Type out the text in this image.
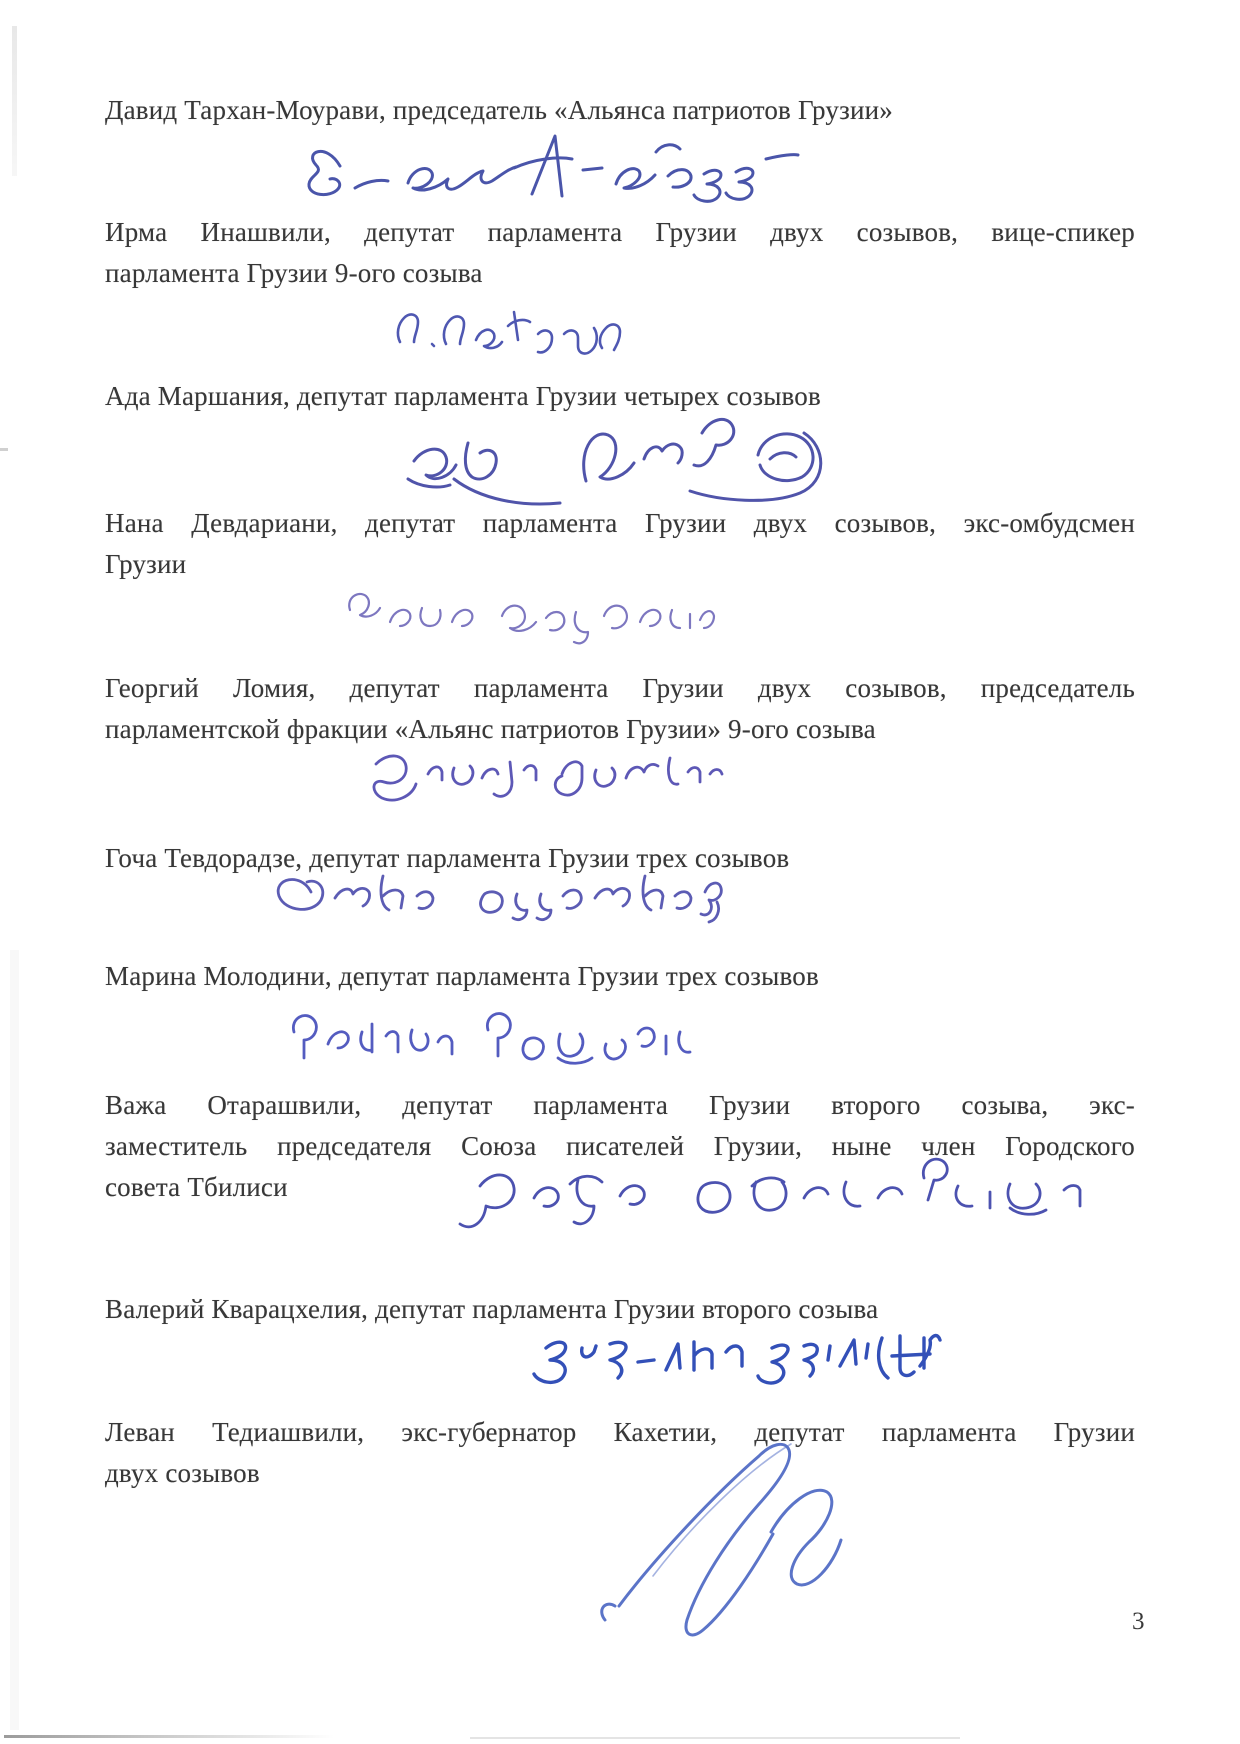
Давид Тархан-Моурави, председатель «Альянса патриотов Грузии»

Ирма Инашвили, депутат парламента Грузии двух созывов, вице-спикер

парламента Грузии 9-ого созыва

Ада Маршания, депутат парламента Грузии четырех созывов

Нана Девдариани, депутат парламента Грузии двух созывов, экс-омбудсмен

Грузии

Георгий Ломия, депутат парламента Грузии двух созывов, председатель

парламентской фракции «Альянс патриотов Грузии» 9-ого созыва

Гоча Тевдорадзе, депутат парламента Грузии трех созывов

Марина Молодини, депутат парламента Грузии трех созывов

Важа Отарашвили, депутат парламента Грузии второго созыва, экс-

заместитель председателя Союза писателей Грузии, ныне член Городского

совета Тбилиси

Валерий Кварацхелия, депутат парламента Грузии второго созыва

Леван Тедиашвили, экс-губернатор Кахетии, депутат парламента Грузии

двух созывов

3
